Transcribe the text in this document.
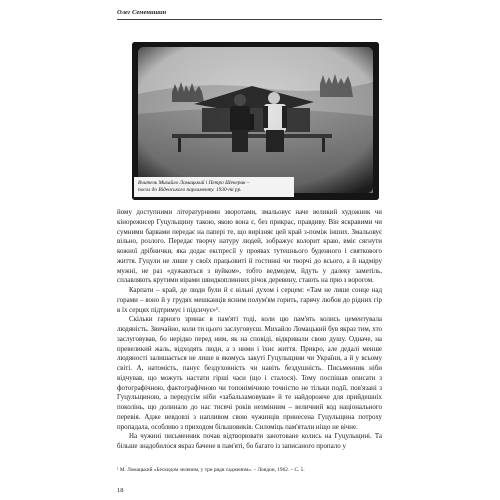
Олег Семенишин
Вчитель Михайло Ломацький і Петро Шекерик –
посол до Віденського парламенту. 1930-ті рр.

йому доступними літературними зворотами, змальовує наче великий художник чи кінорежисер Гуцульщину такою, якою вона є, без прикрас, правдиву. Він яскравими чи сумними барвами передає на папері те, що вирізняє цей край з-поміж інших. Змальовує вільно, розлого. Передає творчу натуру людей, зображує колорит краю, вміє сягнути кожної дрібнички, яка додає експресії у проявах тутешнього буденного і святкового життя. Гуцули не лише у своїх працьовиті й гостинні чи творчі до всього, а й надміру мужні, не раз «дужаються з вуйком», тобто ведмедем, йдуть у далеку заметіль, сплавляють крутими вірами швидкоплинних річок деревину, стають на прю з ворогом.

Карпати – край, де люди були й є вільні духом і серцем: «Там не лише сонце над горами – воно й у грудях мешканців ясним полум'ям горить, гарячу любов до рідних гір в їх серцях підтримує і підсичує»¹.

Скільки гарного зринає в пам'яті тоді, коли цю пам'ять колись цементувала людяність. Звичайно, коли ти цього заслуговуєш. Михайло Ломацький був якраз тим, хто заслуговував, бо нерідко перед ним, як на сповіді, відкривали свою душу. Одначе, на превеликий жаль, відходять люди, а з ними і їхнє життя. Прикро, але дедалі менше людяності залишається не лише в якомусь закутi Гуцульщини чи України, а й у всьому світі. А, натомість, панує бездуховність чи навіть бездушність. Письменник ніби відчував, що можуть настати гірші часи (що і сталося). Тому поспішав описати з фотографічною, фактографічною чи топонімічною точністю не тільки події, пов'язані з Гуцульщиною, а передусім ніби «забальзамовував» й те найдорожче для прийдешніх поколінь, що долинало до нас тисячі років незмінним – величний код національного перевія. Адже невдовзі з напливом свою чужинців принесена Гуцульщина потроху пропадала, особливо з приходом більшовиків. Силоміць пам'ятали ніщо не вічне.

На чужині письменник почав відтворювати занотоване колись на Гуцульщині. Та більше знадобилося якраз бачене в пам'яті, бо багато із записаного пропало у

¹ М. Ломацький «Бескидом зеленим, у три ряди садженим». – Лондон, 1962. – С. 5.
18
